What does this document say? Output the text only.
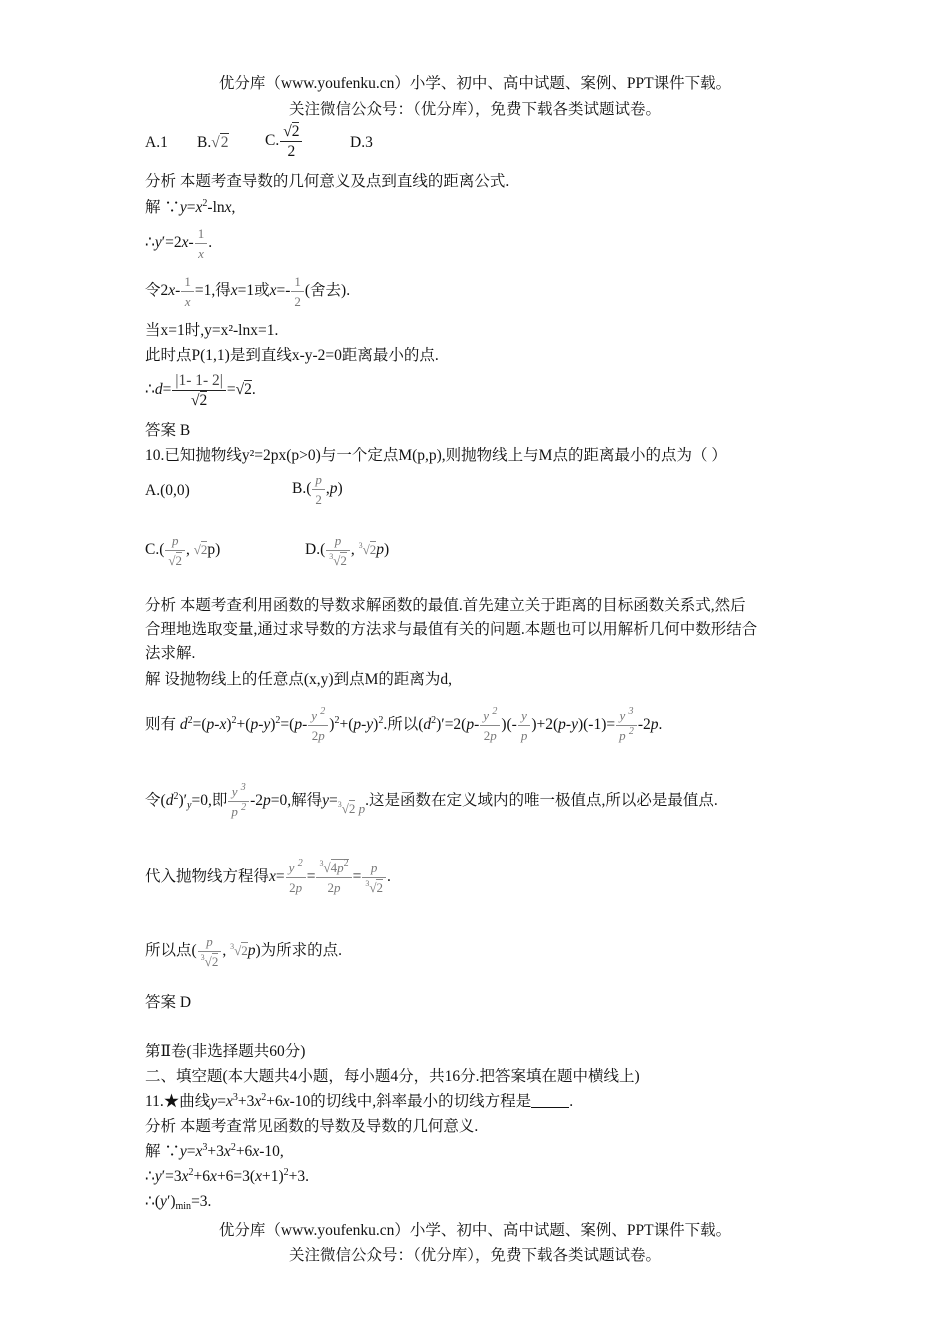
优分库（www.youfenku.cn）小学、初中、高中试题、案例、PPT课件下载。
关注微信公众号：（优分库），免费下载各类试题试卷。
A.1 B.√2 C. $\frac{√2}{2}$	D.3
分析 本题考查导数的几何意义及点到直线的距离公式.
解 $\because y=x^2$-lnx,
∴y′=2x- $\frac{1}{x}$ .
令$2x- \frac{1}{x} =1$,得x=1或$x=- \frac{1}{2}$ (舍去).
当x=1时,y=x²-lnx=1.
此时点P(1,1)是到直线x-y-2=0距离最小的点.
∴d= $\frac{|1- 1- 2|}{√2} =√2$.
答案 B
10.已知抛物线y²=2px(p>0)与一个定点M(p,p),则抛物线上与M点的距离最小的点为（ ）
A.(0,0)	$B.( \frac{p}{2} ,p)$
$C.( \frac{p}{√2}$ , √2p)	$D.( \frac{p}{^3√2}$ , $^3$√2p)
分析 本题考查利用函数的导数求解函数的最值.首先建立关于距离的目标函数关系式,然后
合理地选取变量,通过求导数的方法求与最值有关的问题.本题也可以用解析几何中数形结合
法求解.
解 设抛物线上的任意点(x,y)到点M的距离为d,
则有 $d^2=(p-x)^2+(p-y)^2=(p- \frac{y ^2}{2p} )^2+(p-y)^2$.所以$(d^2)'=2(p- \frac{y ^2}{2p}$ )(- $\frac{y}{p} )+2(p-y)(-1)= \frac{y ^3}{p ^2} -2p$.
令$(d^2)'_y=0$,即 $\frac{y ^3}{p ^2} -2p=0$,解得$y=_{^3√2 p}$.这是函数在定义域内的唯一极值点,所以必是最值点.
代入抛物线方程得$x= \frac{y ^2}{2p} = \frac{^3√4p^2}{2p} = \frac{p}{^3√2}$ .
所以点( $\frac{p}{^3√2}$ , $^3$√2p)为所求的点.
答案 D
第Ⅱ卷(非选择题共60分)
二、填空题(本大题共4小题，每小题4分，共16分.把答案填在题中横线上)
11.★曲线$y=x^3+3x^2+6x-10$的切线中,斜率最小的切线方程是 .
分析 本题考查常见函数的导数及导数的几何意义.
解 $\because y=x^3+3x^2+6x-10$,
$\therefore y'=3x^2+6x+6=3(x+1)^2+3$.
$\therefore(y')_{min}=3$.
优分库（www.youfenku.cn）小学、初中、高中试题、案例、PPT课件下载。
关注微信公众号：（优分库），免费下载各类试题试卷。
